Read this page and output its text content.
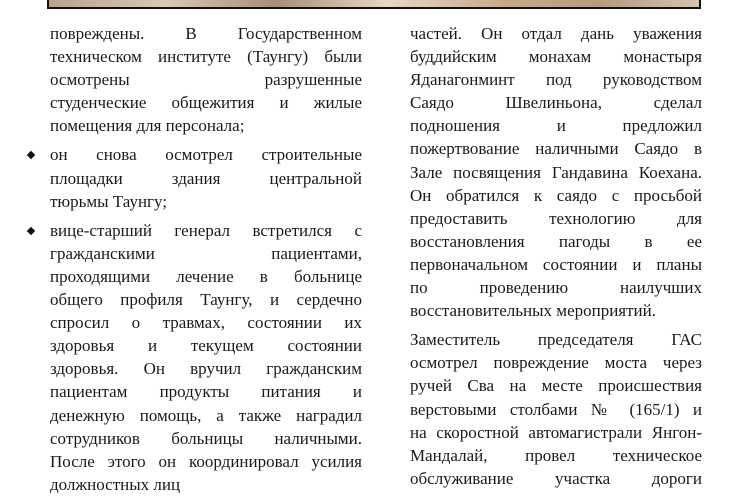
повреждены. В Государственном
техническом институте (Таунгу) были
осмотрены разрушенные
студенческие общежития и жилые
помещения для персонала;
он снова осмотрел строительные
площадки здания центральной
тюрьмы Таунгу;
вице-старший генерал встретился с
гражданскими пациентами,
проходящими лечение в больнице
общего профиля Таунгу, и сердечно
спросил о травмах, состоянии их
здоровья и текущем состоянии
здоровья. Он вручил гражданским
пациентам продукты питания и
денежную помощь, а также наградил
сотрудников больницы наличными.
После этого он координировал усилия
должностных лиц
частей. Он отдал дань уважения
буддийским монахам монастыря
Яданагонминт под руководством
Саядо Швелиньона, сделал
подношения и предложил
пожертвование наличными Саядо в
Зале посвящения Гандавина Коехана.
Он обратился к саядо с просьбой
предоставить технологию для
восстановления пагоды в ее
первоначальном состоянии и планы
по проведению наилучших
восстановительных мероприятий.
Заместитель председателя ГАС
осмотрел повреждение моста через
ручей Сва на месте происшествия
верстовыми столбами № (165/1) и
на скоростной автомагистрали Янгон-
Мандалай, провел техническое
обслуживание участка дороги
